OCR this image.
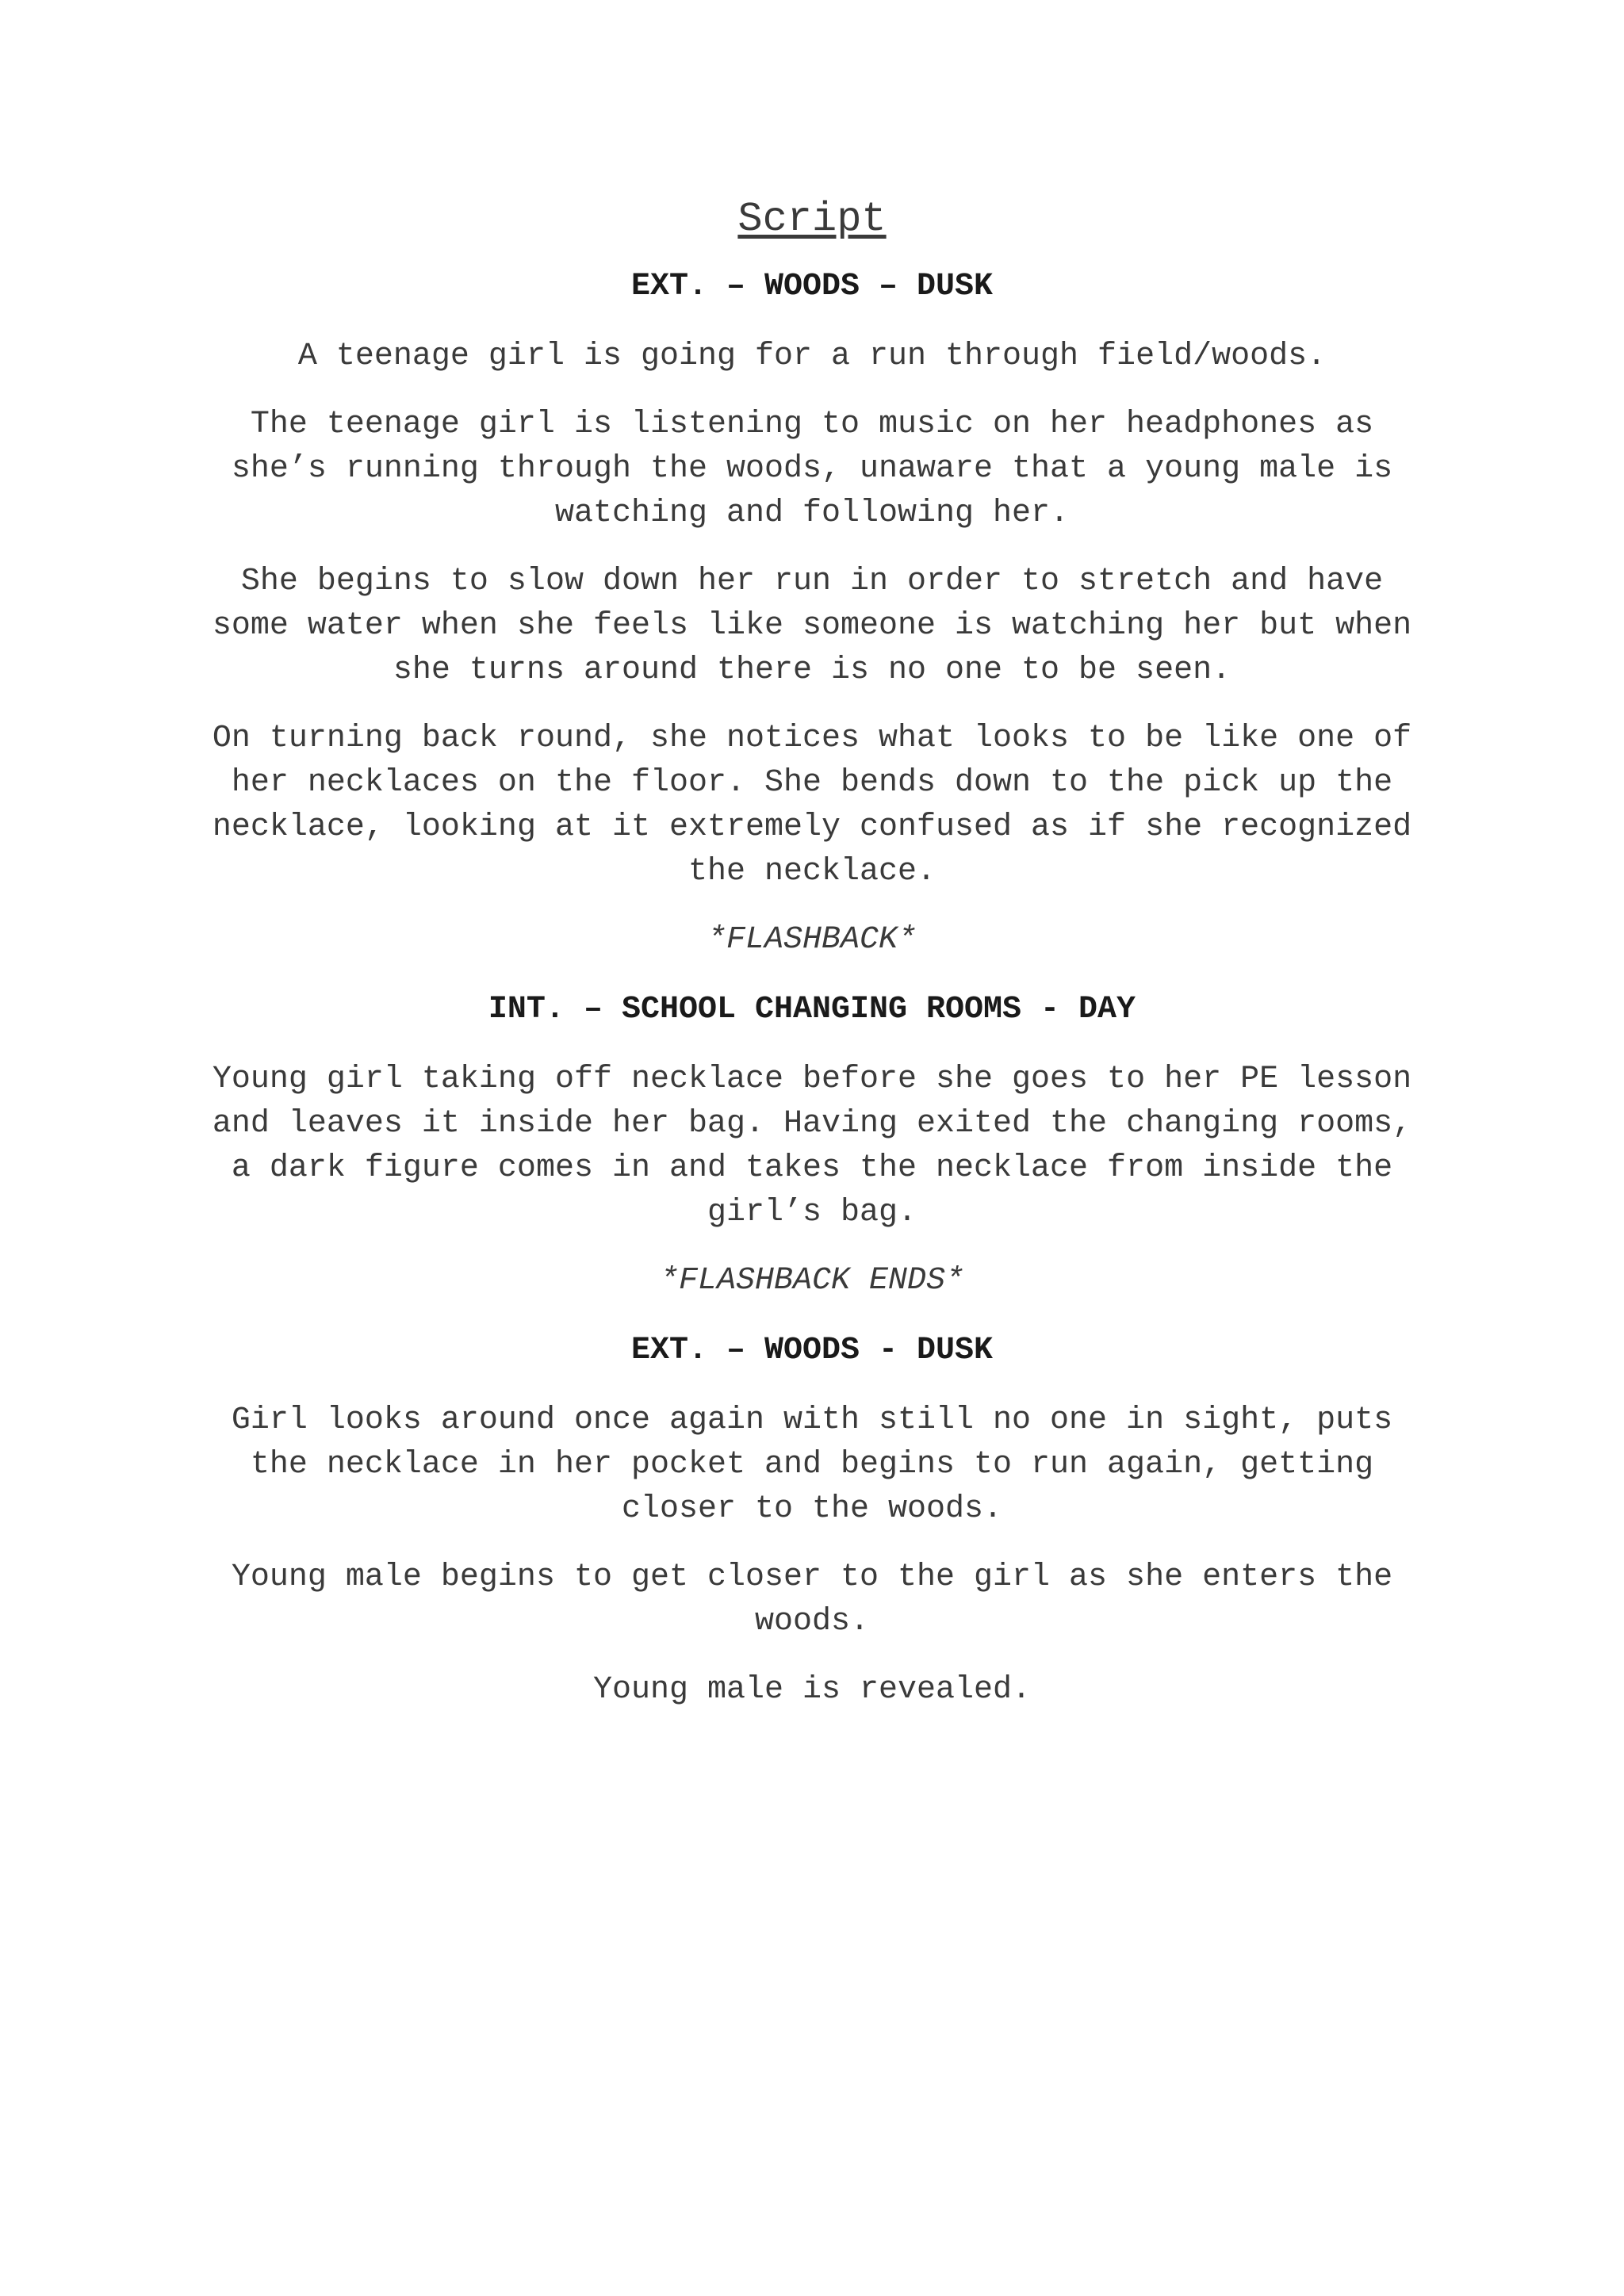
Script
EXT. – WOODS – DUSK
A teenage girl is going for a run through field/woods.
The teenage girl is listening to music on her headphones as she’s running through the woods, unaware that a young male is watching and following her.
She begins to slow down her run in order to stretch and have some water when she feels like someone is watching her but when she turns around there is no one to be seen.
On turning back round, she notices what looks to be like one of her necklaces on the floor. She bends down to the pick up the necklace, looking at it extremely confused as if she recognized the necklace.
*FLASHBACK*
INT. – SCHOOL CHANGING ROOMS - DAY
Young girl taking off necklace before she goes to her PE lesson and leaves it inside her bag. Having exited the changing rooms, a dark figure comes in and takes the necklace from inside the girl’s bag.
*FLASHBACK ENDS*
EXT. – WOODS - DUSK
Girl looks around once again with still no one in sight, puts the necklace in her pocket and begins to run again, getting closer to the woods.
Young male begins to get closer to the girl as she enters the woods.
Young male is revealed.
